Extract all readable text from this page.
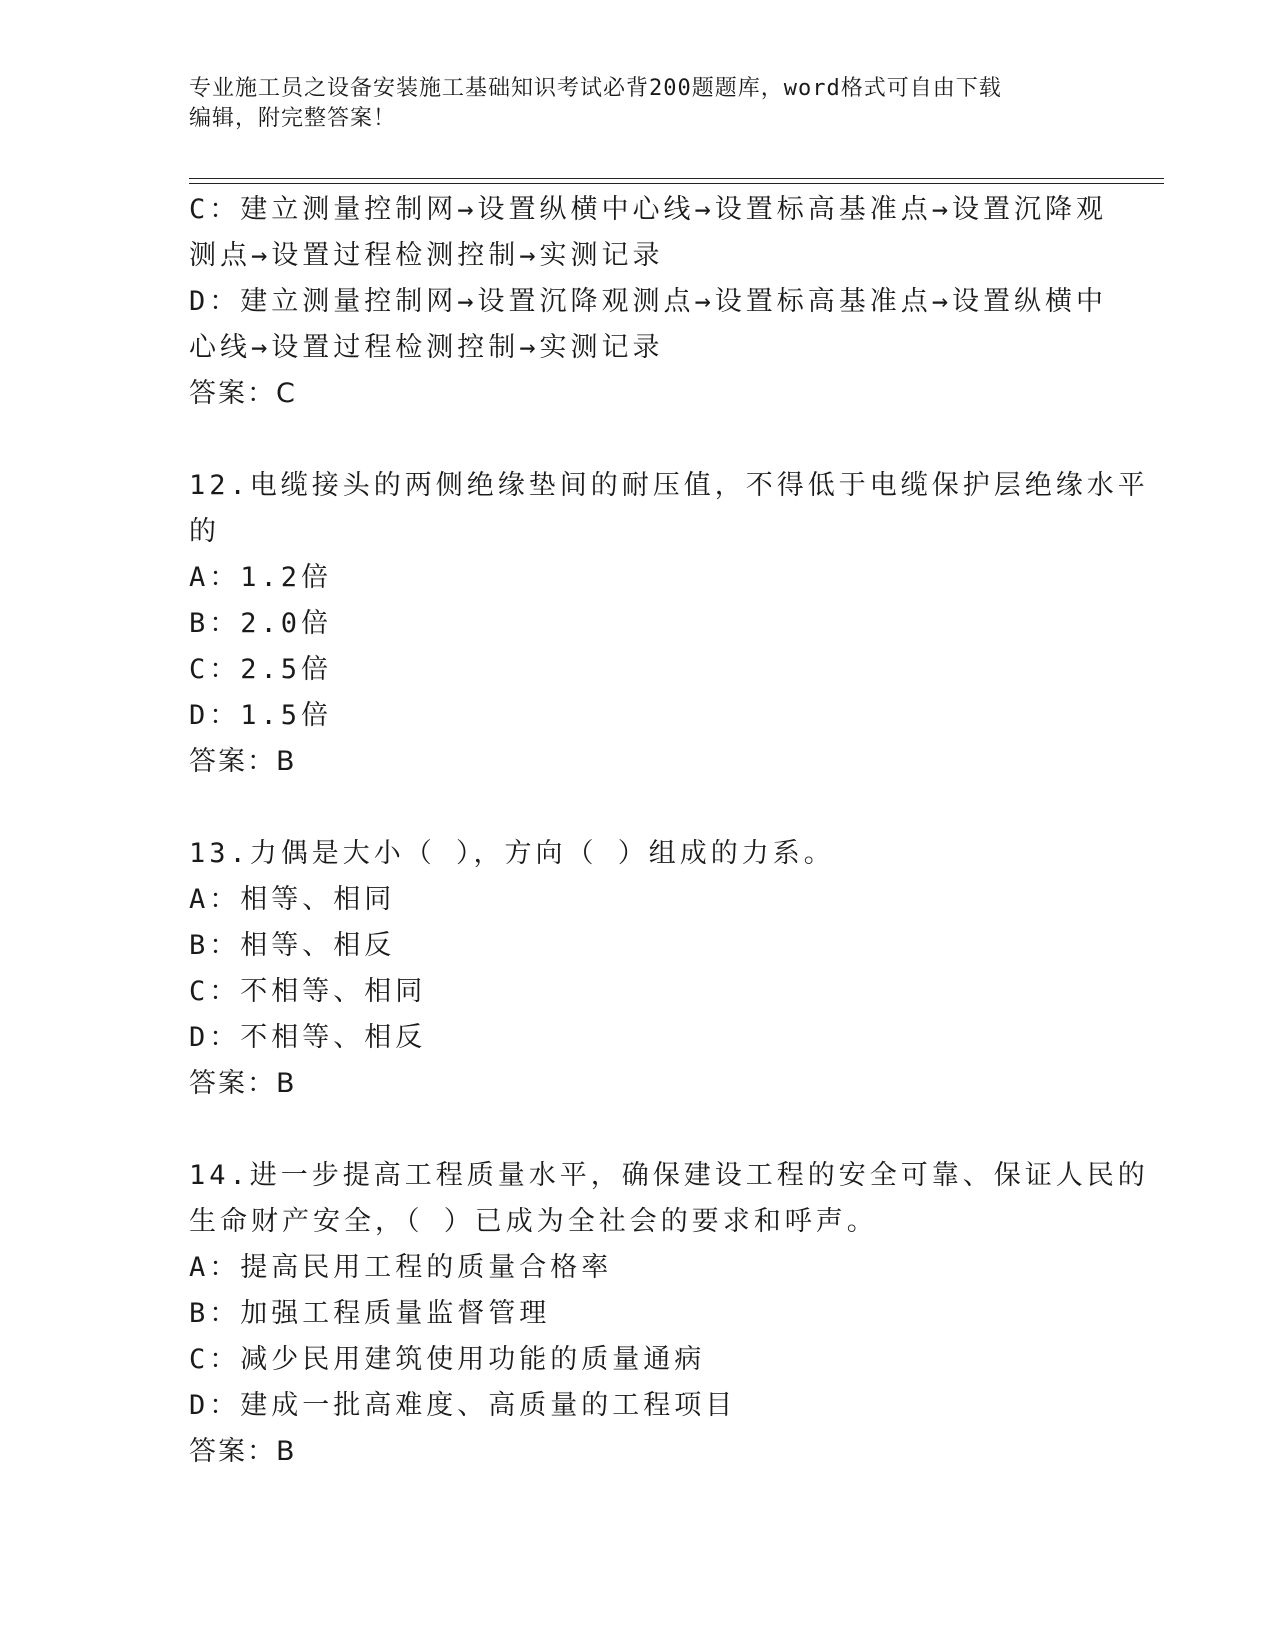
专业施工员之设备安装施工基础知识考试必背200题题库，word格式可自由下载
编辑，附完整答案！
C：建立测量控制网→设置纵横中心线→设置标高基准点→设置沉降观
测点→设置过程检测控制→实测记录
D：建立测量控制网→设置沉降观测点→设置标高基准点→设置纵横中
心线→设置过程检测控制→实测记录
答案：C
12.电缆接头的两侧绝缘垫间的耐压值，不得低于电缆保护层绝缘水平
的
A：1.2倍
B：2.0倍
C：2.5倍
D：1.5倍
答案：B
13.力偶是大小（ ），方向（ ）组成的力系。
A：相等、相同
B：相等、相反
C：不相等、相同
D：不相等、相反
答案：B
14.进一步提高工程质量水平，确保建设工程的安全可靠、保证人民的
生命财产安全，（ ）已成为全社会的要求和呼声。
A：提高民用工程的质量合格率
B：加强工程质量监督管理
C：减少民用建筑使用功能的质量通病
D：建成一批高难度、高质量的工程项目
答案：B
